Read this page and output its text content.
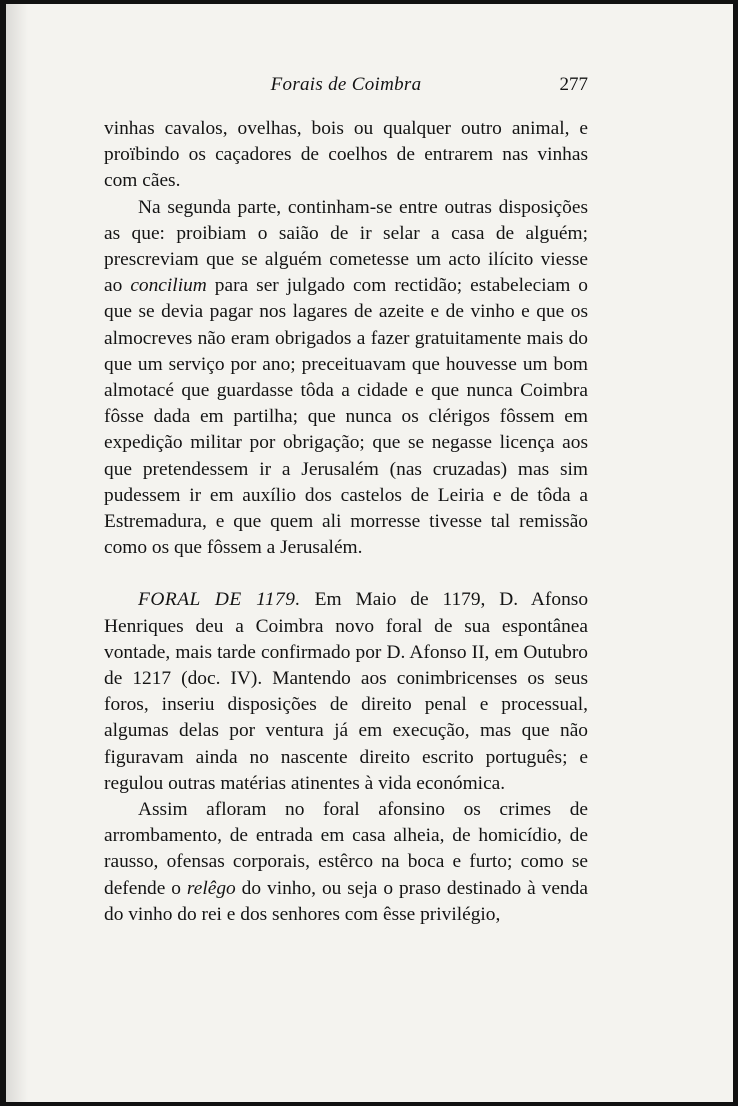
Forais de Coimbra	277

vinhas cavalos, ovelhas, bois ou qualquer outro animal, e proïbindo os caçadores de coelhos de entrarem nas vinhas com cães.

Na segunda parte, continham-se entre outras disposições as que: proibiam o saião de ir selar a casa de alguém; prescreviam que se alguém cometesse um acto ilícito viesse ao concilium para ser julgado com rectidão; estabeleciam o que se devia pagar nos lagares de azeite e de vinho e que os almocreves não eram obrigados a fazer gratuitamente mais do que um serviço por ano; preceituavam que houvesse um bom almotacé que guardasse tôda a cidade e que nunca Coimbra fôsse dada em partilha; que nunca os clérigos fôssem em expedição militar por obrigação; que se negasse licença aos que pretendessem ir a Jerusalém (nas cruzadas) mas sim pudessem ir em auxílio dos castelos de Leiria e de tôda a Estremadura, e que quem ali morresse tivesse tal remissão como os que fôssem a Jerusalém.

FORAL DE 1179. Em Maio de 1179, D. Afonso Henriques deu a Coimbra novo foral de sua espontânea vontade, mais tarde confirmado por D. Afonso II, em Outubro de 1217 (doc. IV). Mantendo aos conimbricenses os seus foros, inseriu disposições de direito penal e processual, algumas delas por ventura já em execução, mas que não figuravam ainda no nascente direito escrito português; e regulou outras matérias atinentes à vida económica.

Assim afloram no foral afonsino os crimes de arrombamento, de entrada em casa alheia, de homicídio, de rausso, ofensas corporais, estêrco na boca e furto; como se defende o relêgo do vinho, ou seja o praso destinado à venda do vinho do rei e dos senhores com êsse privilégio,
